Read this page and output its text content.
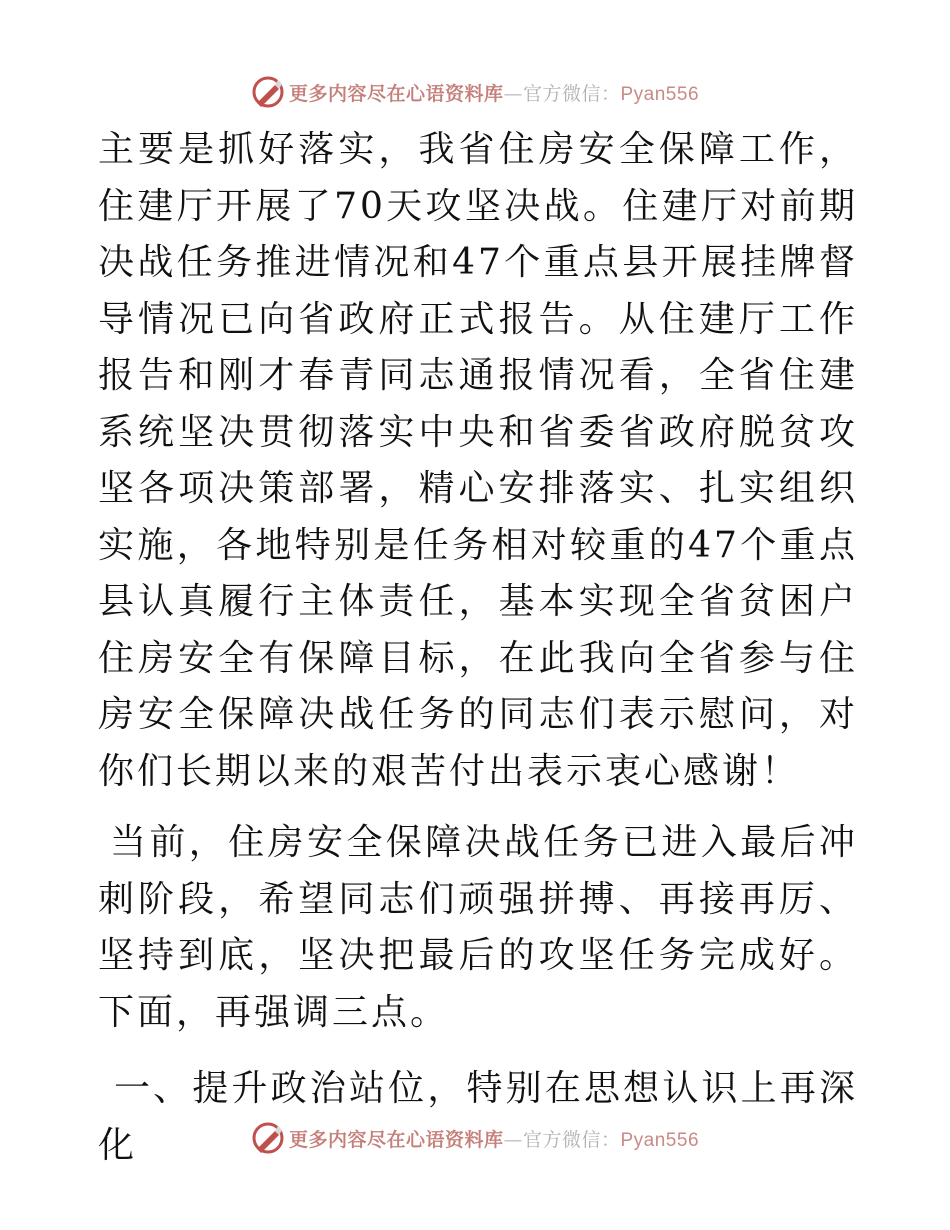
更多内容尽在心语资料库—官方微信：Pyan556

主要是抓好落实，我省住房安全保障工作，住建厅开展了70天攻坚决战。住建厅对前期决战任务推进情况和47个重点县开展挂牌督导情况已向省政府正式报告。从住建厅工作报告和刚才春青同志通报情况看，全省住建系统坚决贯彻落实中央和省委省政府脱贫攻坚各项决策部署，精心安排落实、扎实组织实施，各地特别是任务相对较重的47个重点县认真履行主体责任，基本实现全省贫困户住房安全有保障目标，在此我向全省参与住房安全保障决战任务的同志们表示慰问，对你们长期以来的艰苦付出表示衷心感谢！

当前，住房安全保障决战任务已进入最后冲刺阶段，希望同志们顽强拼搏、再接再厉、坚持到底，坚决把最后的攻坚任务完成好。下面，再强调三点。

一、提升政治站位，特别在思想认识上再深化	更多内容尽在心语资料库—官方微信：Pyan556
